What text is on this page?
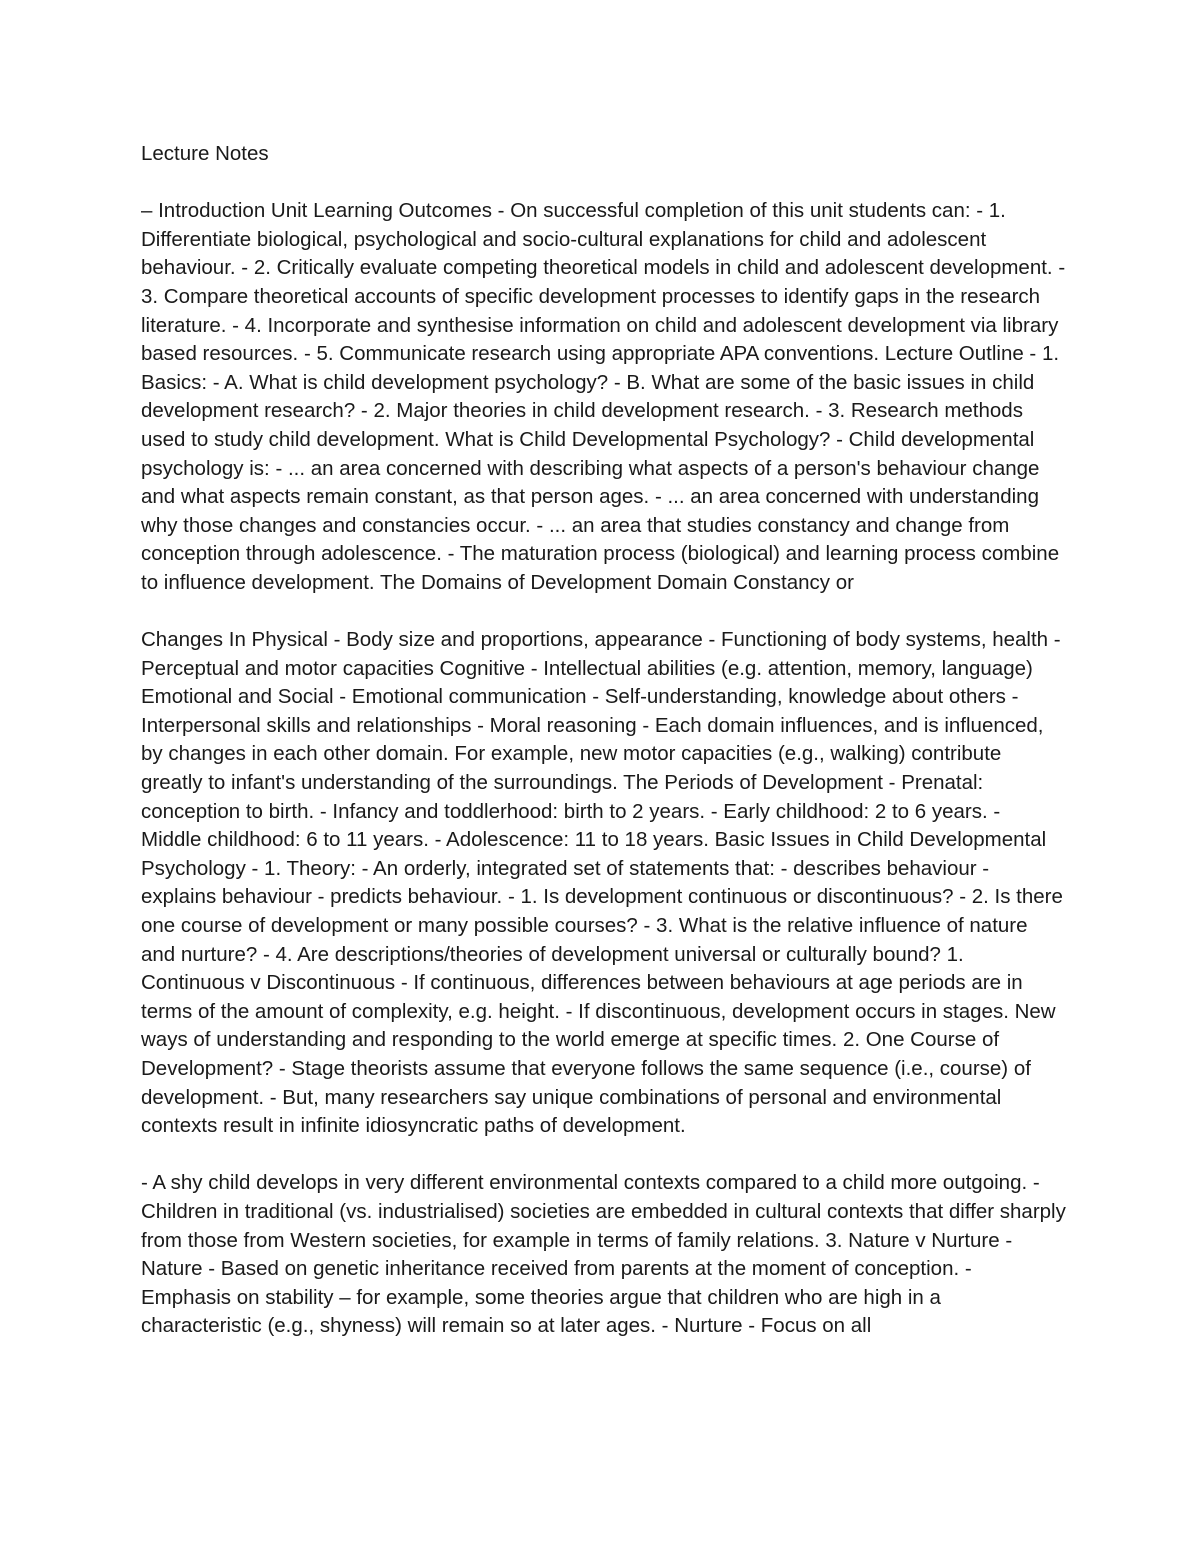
Lecture Notes

– Introduction Unit Learning Outcomes - On successful completion of this unit students can: - 1. Differentiate biological, psychological and socio-cultural explanations for child and adolescent behaviour. - 2. Critically evaluate competing theoretical models in child and adolescent development. - 3. Compare theoretical accounts of specific development processes to identify gaps in the research literature. - 4. Incorporate and synthesise information on child and adolescent development via library based resources. - 5. Communicate research using appropriate APA conventions. Lecture Outline - 1. Basics: - A. What is child development psychology? - B. What are some of the basic issues in child development research? - 2. Major theories in child development research. - 3. Research methods used to study child development. What is Child Developmental Psychology? - Child developmental psychology is: - ... an area concerned with describing what aspects of a person's behaviour change and what aspects remain constant, as that person ages. - ... an area concerned with understanding why those changes and constancies occur. - ... an area that studies constancy and change from conception through adolescence. - The maturation process (biological) and learning process combine to influence development. The Domains of Development Domain Constancy or

Changes In Physical - Body size and proportions, appearance - Functioning of body systems, health - Perceptual and motor capacities Cognitive - Intellectual abilities (e.g. attention, memory, language) Emotional and Social - Emotional communication - Self-understanding, knowledge about others - Interpersonal skills and relationships - Moral reasoning - Each domain influences, and is influenced, by changes in each other domain. For example, new motor capacities (e.g., walking) contribute greatly to infant's understanding of the surroundings. The Periods of Development - Prenatal: conception to birth. - Infancy and toddlerhood: birth to 2 years. - Early childhood: 2 to 6 years. - Middle childhood: 6 to 11 years. - Adolescence: 11 to 18 years. Basic Issues in Child Developmental Psychology - 1. Theory: - An orderly, integrated set of statements that: - describes behaviour - explains behaviour - predicts behaviour. - 1. Is development continuous or discontinuous? - 2. Is there one course of development or many possible courses? - 3. What is the relative influence of nature and nurture? - 4. Are descriptions/theories of development universal or culturally bound? 1. Continuous v Discontinuous - If continuous, differences between behaviours at age periods are in terms of the amount of complexity, e.g. height. - If discontinuous, development occurs in stages. New ways of understanding and responding to the world emerge at specific times. 2. One Course of Development? - Stage theorists assume that everyone follows the same sequence (i.e., course) of development. - But, many researchers say unique combinations of personal and environmental contexts result in infinite idiosyncratic paths of development.

- A shy child develops in very different environmental contexts compared to a child more outgoing. - Children in traditional (vs. industrialised) societies are embedded in cultural contexts that differ sharply from those from Western societies, for example in terms of family relations. 3. Nature v Nurture - Nature - Based on genetic inheritance received from parents at the moment of conception. - Emphasis on stability – for example, some theories argue that children who are high in a characteristic (e.g., shyness) will remain so at later ages. - Nurture - Focus on all
